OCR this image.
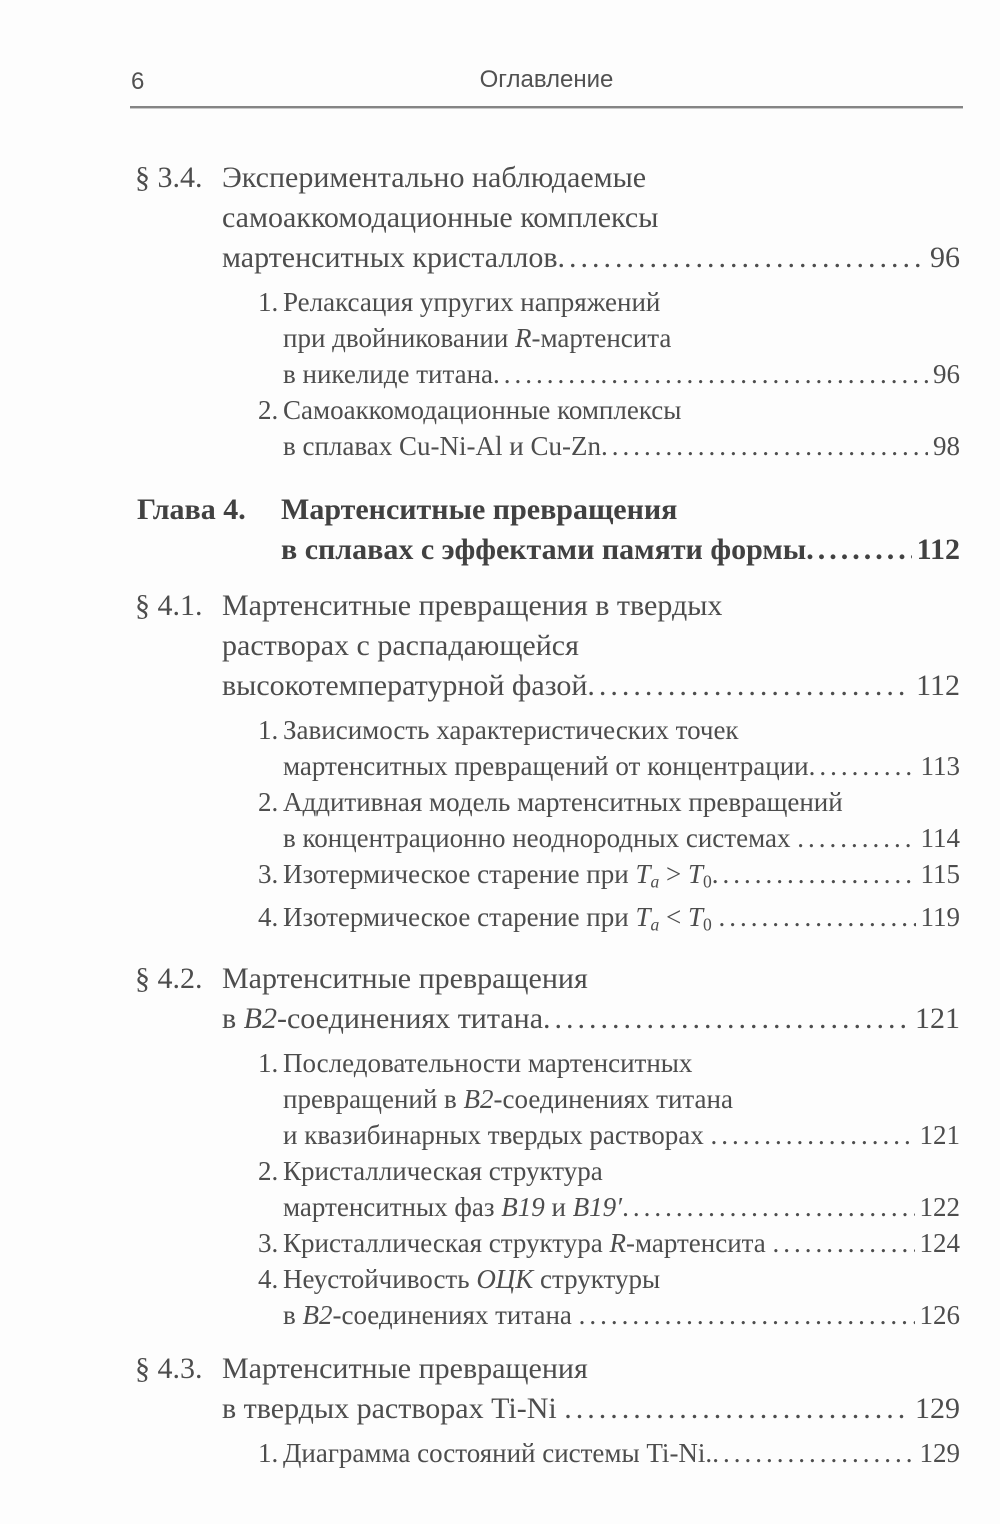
6	Оглавление
§ 3.4. Экспериментально наблюдаемые
самоаккомодационные комплексы
мартенситных кристаллов .....	96
1. Релаксация упругих напряжений
при двойниковании R-мартенсита
в никелиде титана .....	96
2. Самоаккомодационные комплексы
в сплавах Cu-Ni-Al и Cu-Zn .....	98
Глава 4. Мартенситные превращения
в сплавах с эффектами памяти формы .....	112
§ 4.1. Мартенситные превращения в твердых
растворах с распадающейся
высокотемпературной фазой .....	112
1. Зависимость характеристических точек
мартенситных превращений от концентрации .....	113
2. Аддитивная модель мартенситных превращений
в концентрационно неоднородных системах .....	114
3. Изотермическое старение при $T_a > T_0$ .....	115
4. Изотермическое старение при $T_a < T_0$ .....	119
§ 4.2. Мартенситные превращения
в B2-соединениях титана .....	121
1. Последовательности мартенситных
превращений в B2-соединениях титана
и квазибинарных твердых растворах .....	121
2. Кристаллическая структура
мартенситных фаз B19 и B19′ .....	122
3. Кристаллическая структура R-мартенсита .....	124
4. Неустойчивость ОЦК структуры
в B2-соединениях титана .....	126
§ 4.3. Мартенситные превращения
в твердых растворах Ti-Ni .....	129
1. Диаграмма состояний системы Ti-Ni. .....	129
